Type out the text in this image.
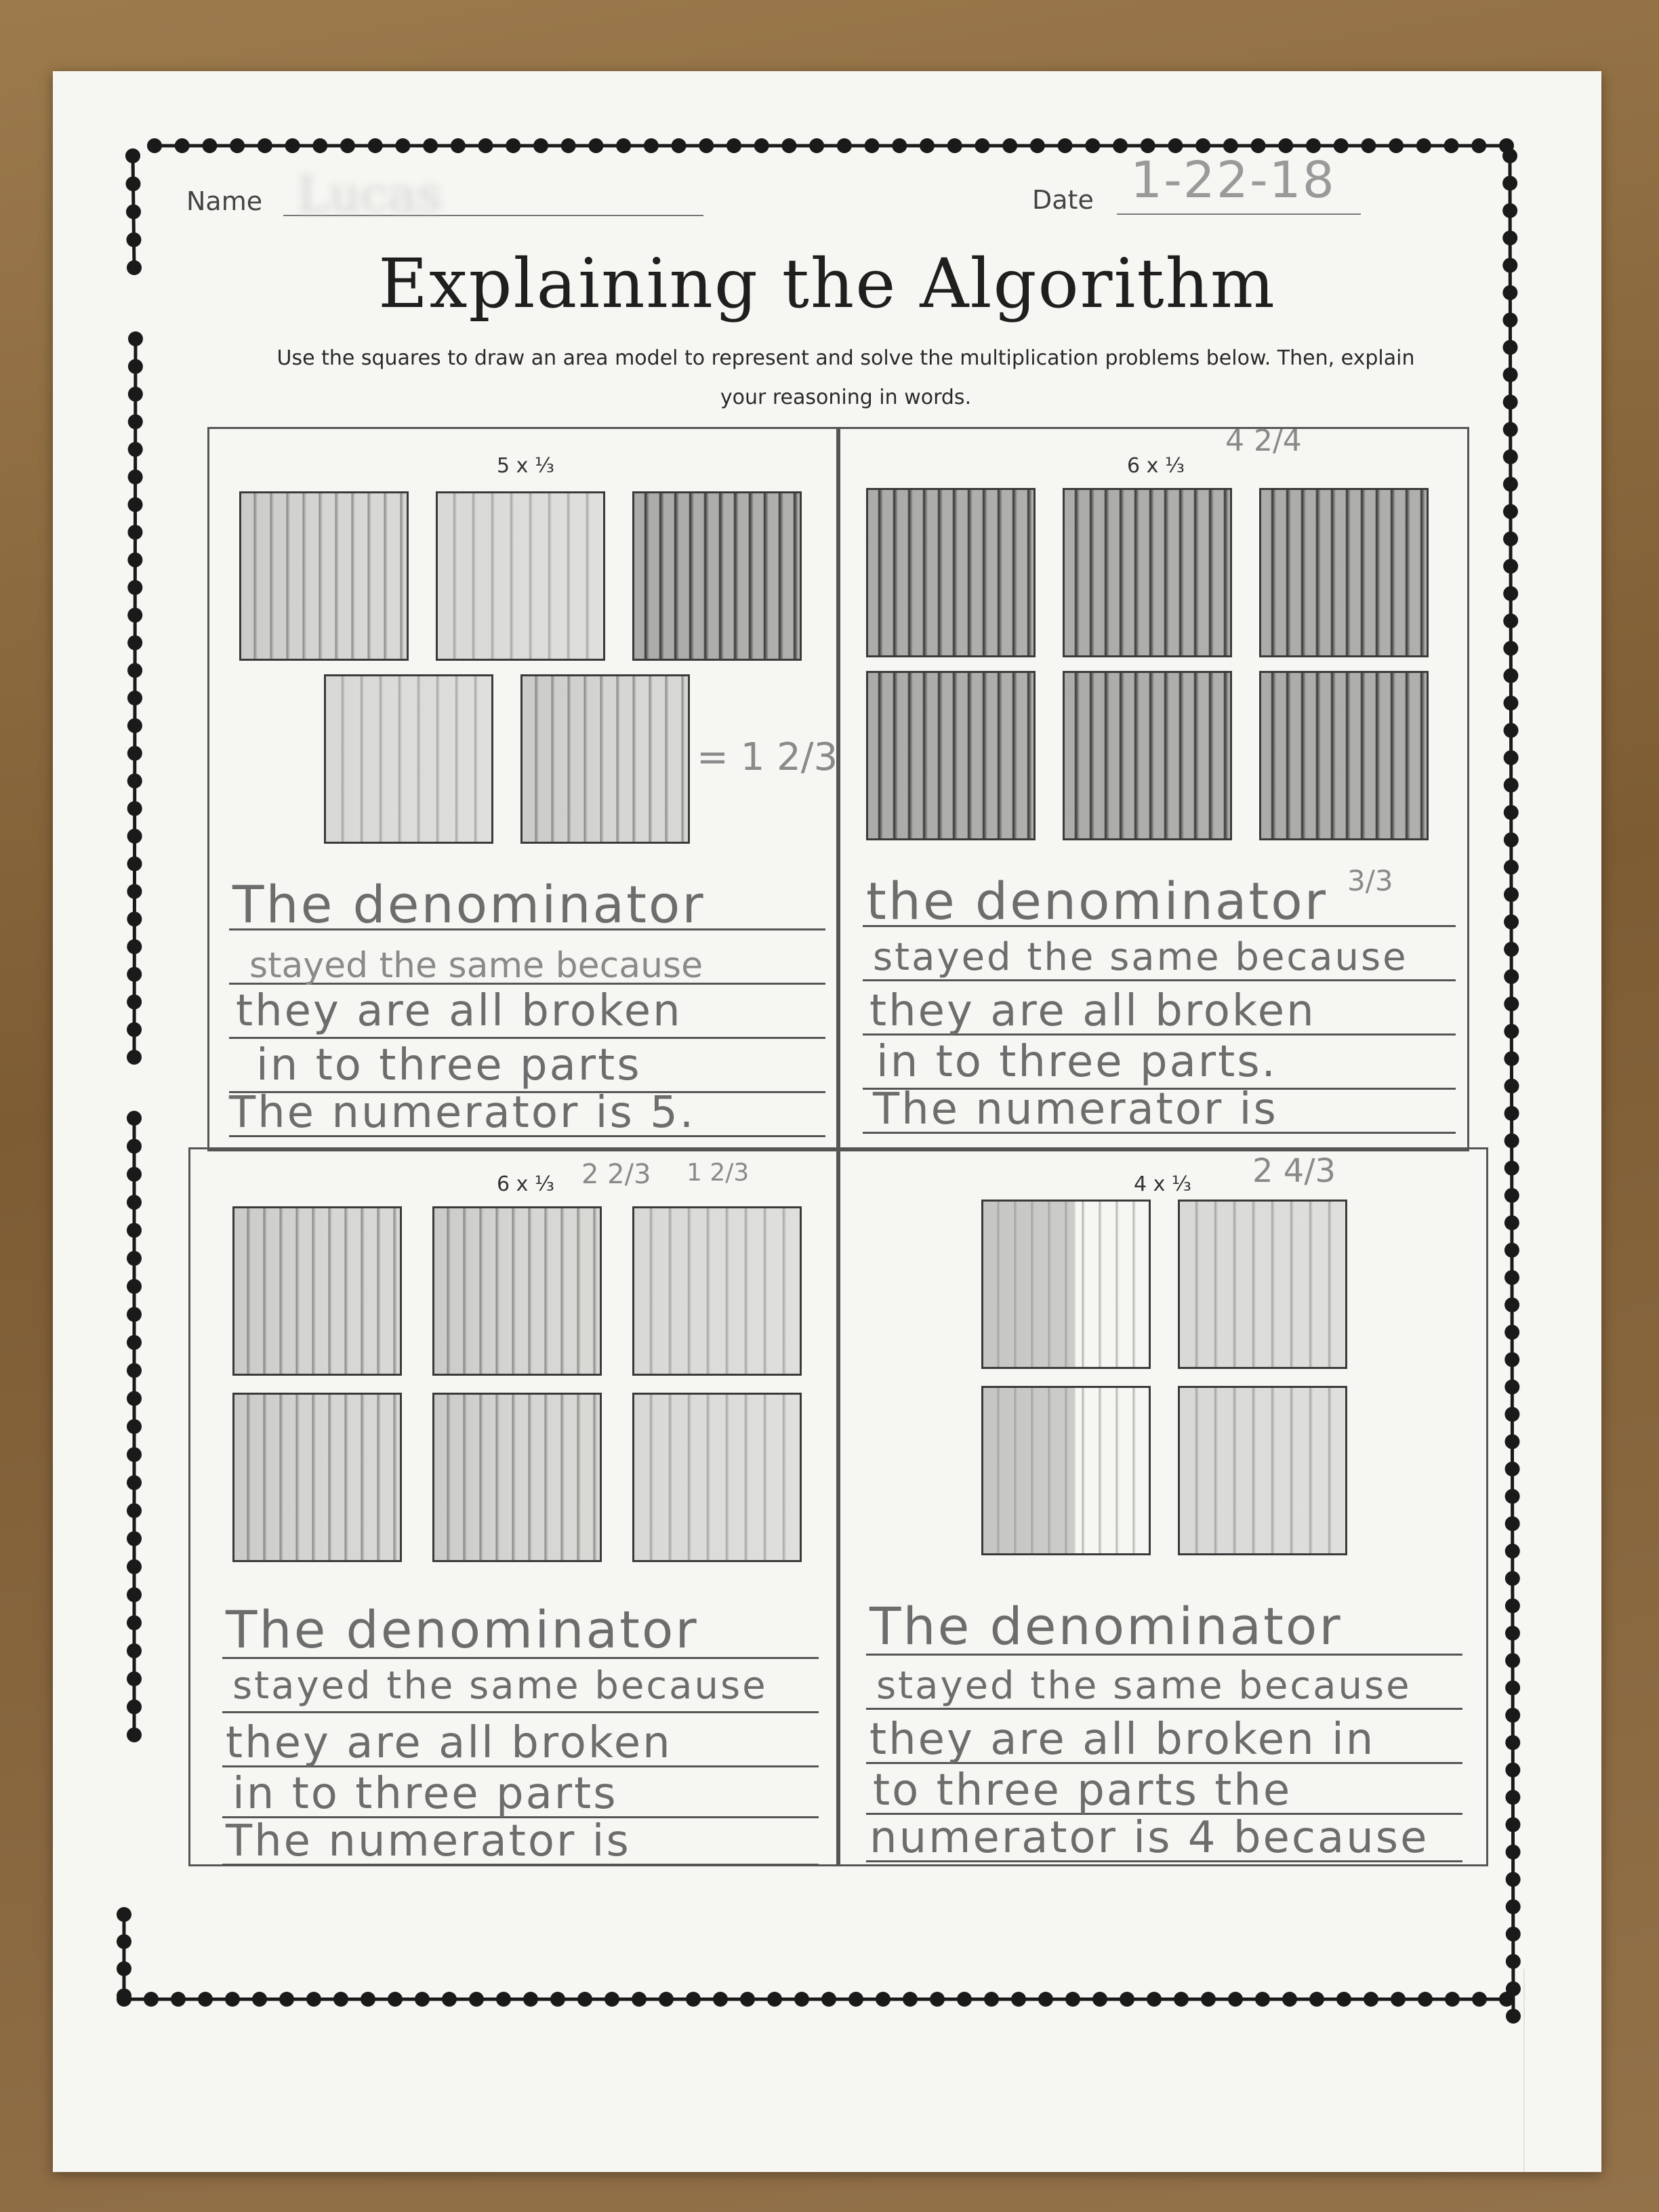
Name Lucas	Date 1-22-18
Explaining the Algorithm
Use the squares to draw an area model to represent and solve the multiplication problems below. Then, explain
your reasoning in words.
5 x ⅓
= 1 2/3
The denominator
stayed the same because
they are all broken
in to three parts
The numerator is 5.
6 x ⅓
4 2/4
3/3
the denominator
stayed the same because
they are all broken
in to three parts.
The numerator is
6 x ⅓ 2 2/3 1 2/3
The denominator
stayed the same because
they are all broken
in to three parts
The numerator is
4 x ⅓ 2 4/3
The denominator
stayed the same because
they are all broken in
to three parts the
numerator is 4 because
